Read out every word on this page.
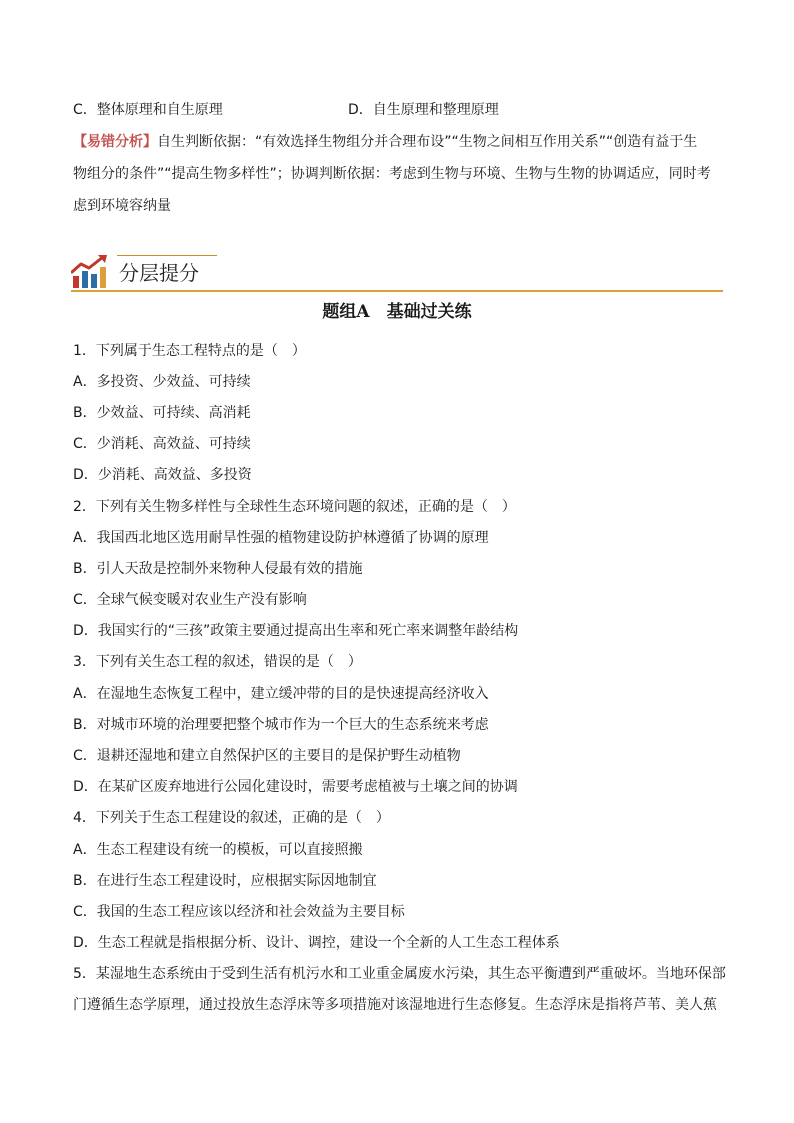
C．整体原理和自生原理	D．自生原理和整理原理
【易错分析】自生判断依据：“有效选择生物组分并合理布设”“生物之间相互作用关系”“创造有益于生
物组分的条件”“提高生物多样性”；协调判断依据：考虑到生物与环境、生物与生物的协调适应，同时考
虑到环境容纳量
分层提分
题组A　基础过关练
1．下列属于生态工程特点的是（　）
A．多投资、少效益、可持续
B．少效益、可持续、高消耗
C．少消耗、高效益、可持续
D．少消耗、高效益、多投资
2．下列有关生物多样性与全球性生态环境问题的叙述，正确的是（　）
A．我国西北地区选用耐旱性强的植物建设防护林遵循了协调的原理
B．引人天敌是控制外来物种人侵最有效的措施
C．全球气候变暖对农业生产没有影响
D．我国实行的“三孩”政策主要通过提高出生率和死亡率来调整年龄结构
3．下列有关生态工程的叙述，错误的是（　）
A．在湿地生态恢复工程中，建立缓冲带的目的是快速提高经济收入
B．对城市环境的治理要把整个城市作为一个巨大的生态系统来考虑
C．退耕还湿地和建立自然保护区的主要目的是保护野生动植物
D．在某矿区废弃地进行公园化建设时，需要考虑植被与土壤之间的协调
4．下列关于生态工程建设的叙述，正确的是（　）
A．生态工程建设有统一的模板，可以直接照搬
B．在进行生态工程建设时，应根据实际因地制宜
C．我国的生态工程应该以经济和社会效益为主要目标
D．生态工程就是指根据分析、设计、调控，建设一个全新的人工生态工程体系
5．某湿地生态系统由于受到生活有机污水和工业重金属废水污染，其生态平衡遭到严重破坏。当地环保部
门遵循生态学原理，通过投放生态浮床等多项措施对该湿地进行生态修复。生态浮床是指将芦苇、美人蕉
